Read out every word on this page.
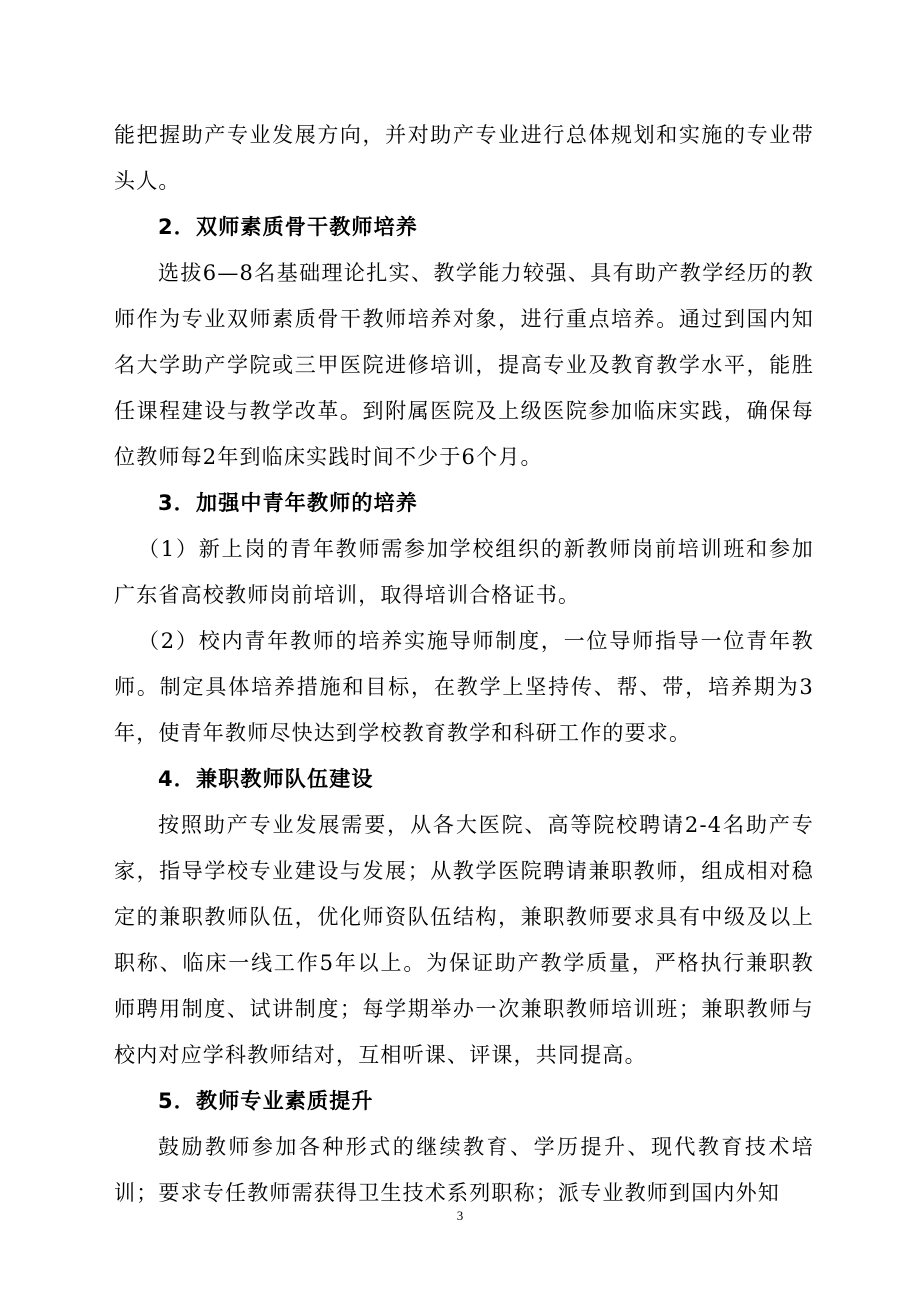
能把握助产专业发展方向，并对助产专业进行总体规划和实施的专业带头人。

2．双师素质骨干教师培养

选拔6—8名基础理论扎实、教学能力较强、具有助产教学经历的教师作为专业双师素质骨干教师培养对象，进行重点培养。通过到国内知名大学助产学院或三甲医院进修培训，提高专业及教育教学水平，能胜任课程建设与教学改革。到附属医院及上级医院参加临床实践，确保每位教师每2年到临床实践时间不少于6个月。

3．加强中青年教师的培养

（1）新上岗的青年教师需参加学校组织的新教师岗前培训班和参加广东省高校教师岗前培训，取得培训合格证书。

（2）校内青年教师的培养实施导师制度，一位导师指导一位青年教师。制定具体培养措施和目标，在教学上坚持传、帮、带，培养期为3年，使青年教师尽快达到学校教育教学和科研工作的要求。

4．兼职教师队伍建设

按照助产专业发展需要，从各大医院、高等院校聘请2-4名助产专家，指导学校专业建设与发展；从教学医院聘请兼职教师，组成相对稳定的兼职教师队伍，优化师资队伍结构，兼职教师要求具有中级及以上职称、临床一线工作5年以上。为保证助产教学质量，严格执行兼职教师聘用制度、试讲制度；每学期举办一次兼职教师培训班；兼职教师与校内对应学科教师结对，互相听课、评课，共同提高。

5．教师专业素质提升

鼓励教师参加各种形式的继续教育、学历提升、现代教育技术培训；要求专任教师需获得卫生技术系列职称；派专业教师到国内外知

3
